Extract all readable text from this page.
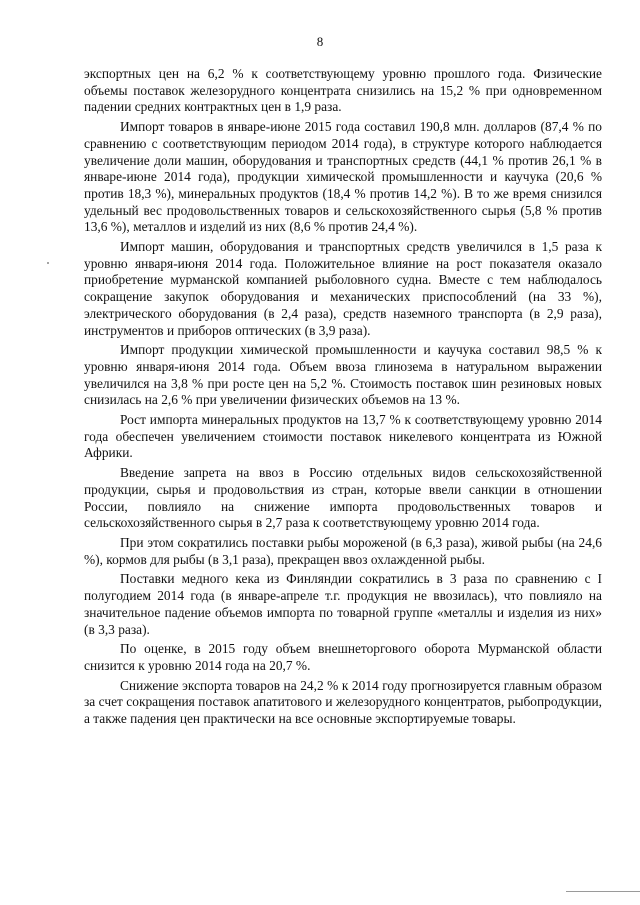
8

экспортных цен на 6,2 % к соответствующему уровню прошлого года. Физические объемы поставок железорудного концентрата снизились на 15,2 % при одновременном падении средних контрактных цен в 1,9 раза.

Импорт товаров в январе-июне 2015 года составил 190,8 млн. долларов (87,4 % по сравнению с соответствующим периодом 2014 года), в структуре которого наблюдается увеличение доли машин, оборудования и транспортных средств (44,1 % против 26,1 % в январе-июне 2014 года), продукции химической промышленности и каучука (20,6 % против 18,3 %), минеральных продуктов (18,4 % против 14,2 %). В то же время снизился удельный вес продовольственных товаров и сельскохозяйственного сырья (5,8 % против 13,6 %), металлов и изделий из них (8,6 % против 24,4 %).

Импорт машин, оборудования и транспортных средств увеличился в 1,5 раза к уровню января-июня 2014 года. Положительное влияние на рост показателя оказало приобретение мурманской компанией рыболовного судна. Вместе с тем наблюдалось сокращение закупок оборудования и механических приспособлений (на 33 %), электрического оборудования (в 2,4 раза), средств наземного транспорта (в 2,9 раза), инструментов и приборов оптических (в 3,9 раза).

Импорт продукции химической промышленности и каучука составил 98,5 % к уровню января-июня 2014 года. Объем ввоза глинозема в натуральном выражении увеличился на 3,8 % при росте цен на 5,2 %. Стоимость поставок шин резиновых новых снизилась на 2,6 % при увеличении физических объемов на 13 %.

Рост импорта минеральных продуктов на 13,7 % к соответствующему уровню 2014 года обеспечен увеличением стоимости поставок никелевого концентрата из Южной Африки.

Введение запрета на ввоз в Россию отдельных видов сельскохозяйственной продукции, сырья и продовольствия из стран, которые ввели санкции в отношении России, повлияло на снижение импорта продовольственных товаров и сельскохозяйственного сырья в 2,7 раза к соответствующему уровню 2014 года.

При этом сократились поставки рыбы мороженой (в 6,3 раза), живой рыбы (на 24,6 %), кормов для рыбы (в 3,1 раза), прекращен ввоз охлажденной рыбы.

Поставки медного кека из Финляндии сократились в 3 раза по сравнению с I полугодием 2014 года (в январе-апреле т.г. продукция не ввозилась), что повлияло на значительное падение объемов импорта по товарной группе «металлы и изделия из них» (в 3,3 раза).

По оценке, в 2015 году объем внешнеторгового оборота Мурманской области снизится к уровню 2014 года на 20,7 %.

Снижение экспорта товаров на 24,2 % к 2014 году прогнозируется главным образом за счет сокращения поставок апатитового и железорудного концентратов, рыбопродукции, а также падения цен практически на все основные экспортируемые товары.
